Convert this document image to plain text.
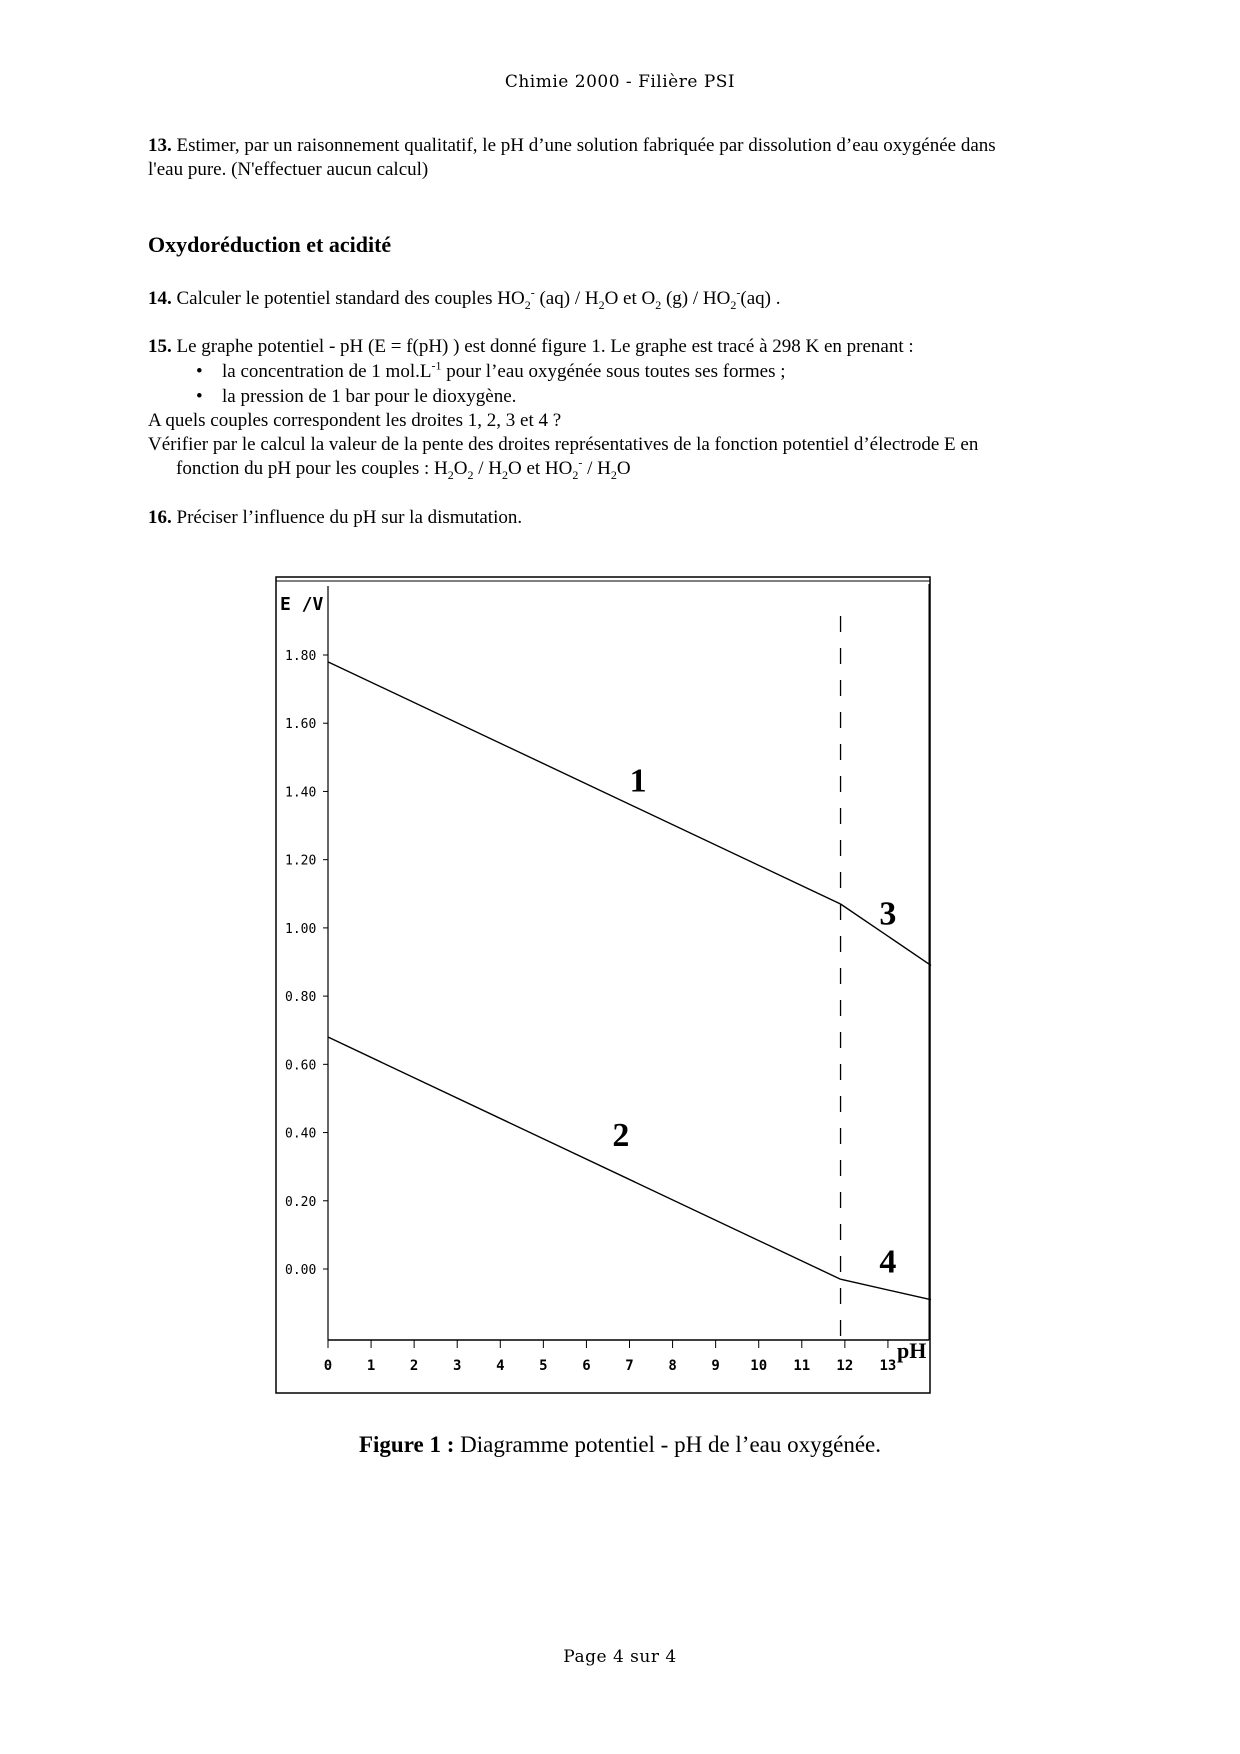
Chimie 2000 - Filière PSI
13. Estimer, par un raisonnement qualitatif, le pH d’une solution fabriquée par dissolution d’eau oxygénée dans
l'eau pure. (N'effectuer aucun calcul)
Oxydoréduction et acidité
14. Calculer le potentiel standard des couples $HO_2^-$ $(aq) / H_2O$ et $O_2$ $(g) / HO_2^-(aq)$ .
15. Le graphe potentiel - pH (E = f(pH) ) est donné figure 1. Le graphe est tracé à 298 K en prenant :
• la concentration de 1 $mol.L^{-1}$ pour l’eau oxygénée sous toutes ses formes ;
• la pression de 1 bar pour le dioxygène.
A quels couples correspondent les droites 1, 2, 3 et 4 ?
Vérifier par le calcul la valeur de la pente des droites représentatives de la fonction potentiel d’électrode E en
fonction du pH pour les couples : $H_2O_2 / H_2O$ et $HO_2^- / H_2O$
16. Préciser l’influence du pH sur la dismutation.
E /V
0.00
0.20
0.40
0.60
0.80
1.00
1.20
1.40
1.60
1.80
0 1 2 3 4 5 6 7 8 9 10 11 12 13
pH
1
2
3
4
Figure 1 : Diagramme potentiel - pH de l’eau oxygénée.
Page 4 sur 4
